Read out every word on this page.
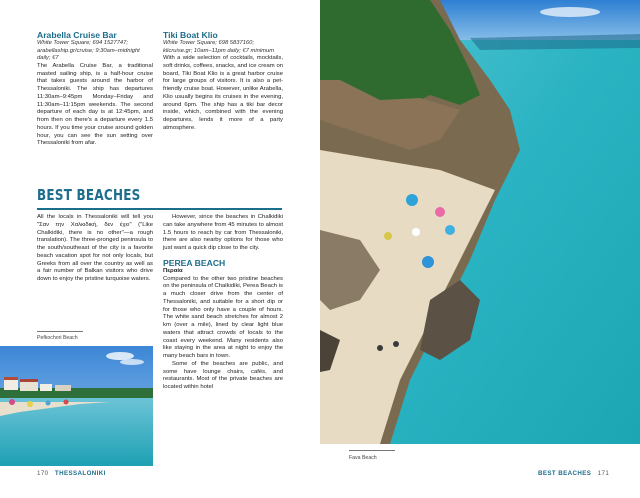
Arabella Cruise Bar
White Tower Square; 694 1527747; arabellaship.gr/cruise; 9:30am–midnight daily; €7
The Arabella Cruise Bar, a traditional masted sailing ship, is a half-hour cruise that takes guests around the harbor of Thessaloniki. The ship has departures 11:30am–9:45pm Monday–Friday and 11:30am–11:15pm weekends. The second departure of each day is at 12:45pm, and from then on there's a departure every 1.5 hours. If you time your cruise around golden hour, you can see the sun setting over Thessaloniki from afar.
Tiki Boat Klio
White Tower Square; 698 5837160; klicruise.gr; 10am–11pm daily; €7 minimum
With a wide selection of cocktails, mocktails, soft drinks, coffees, snacks, and ice cream on board, Tiki Boat Klio is a great harbor cruise for large groups of visitors. It is also a pet-friendly cruise boat. However, unlike Arabella, Klio usually begins its cruises in the evening, around 6pm. The ship has a tiki bar decor inside, which, combined with the evening departures, lends it more of a party atmosphere.
BEST BEACHES
All the locals in Thessaloniki will tell you "Σαν την Χαλκιδική, δεν έχει" ("Like Chalkidiki, there is no other"—a rough translation). The three-pronged peninsula to the south/southeast of the city is a favorite beach vacation spot for not only locals, but Greeks from all over the country as well as a fair number of Balkan visitors who drive down to enjoy the pristine turquoise waters.
Pefkochori Beach
However, since the beaches in Chalkidiki can take anywhere from 45 minutes to almost 1.5 hours to reach by car from Thessaloniki, there are also nearby options for those who just want a quick dip close to the city.
PEREA BEACH
Περαία
Compared to the other two pristine beaches on the peninsula of Chalkidiki, Perea Beach is a much closer drive from the center of Thessaloniki, and suitable for a short dip or for those who only have a couple of hours. The white sand beach stretches for almost 2 km (over a mile), lined by clear light blue waters that attract crowds of locals to the coast every weekend. Many residents also like staying in the area at night to enjoy the many beach bars in town.
Some of the beaches are public, and some have lounge chairs, cafés, and restaurants. Most of the private beaches are located within hotel
170 THESSALONIKI
Fava Beach
BEST BEACHES 171
